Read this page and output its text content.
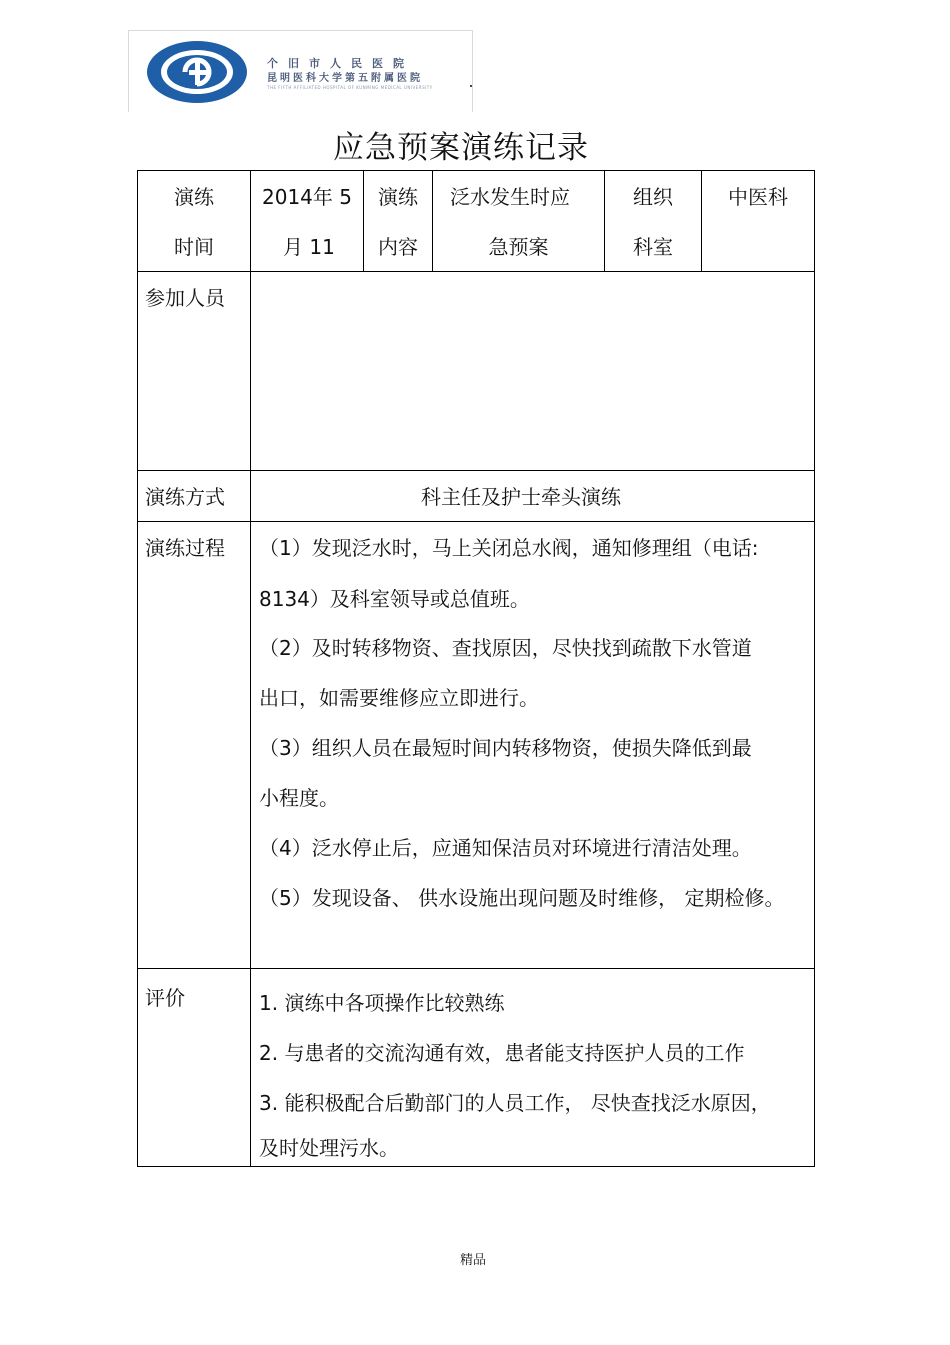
个旧市人民医院
昆明医科大学第五附属医院
THE FIFTH AFFILIATED HOSPITAL OF KUNMING MEDICAL UNIVERSITY
应急预案演练记录
演练
时间
2014年 5
月 11
演练
内容
泛水发生时应
急预案
组织
科室
中医科
参加人员
演练方式	科主任及护士牵头演练
演练过程 （1）发现泛水时，马上关闭总水阀，通知修理组（电话:
8134）及科室领导或总值班。
（2）及时转移物资、查找原因，尽快找到疏散下水管道
出口，如需要维修应立即进行。
（3）组织人员在最短时间内转移物资，使损失降低到最
小程度。
（4）泛水停止后，应通知保洁员对环境进行清洁处理。
（5）发现设备、 供水设施出现问题及时维修， 定期检修。
评价	1. 演练中各项操作比较熟练
2. 与患者的交流沟通有效，患者能支持医护人员的工作
3. 能积极配合后勤部门的人员工作， 尽快查找泛水原因，
及时处理污水。
精品
